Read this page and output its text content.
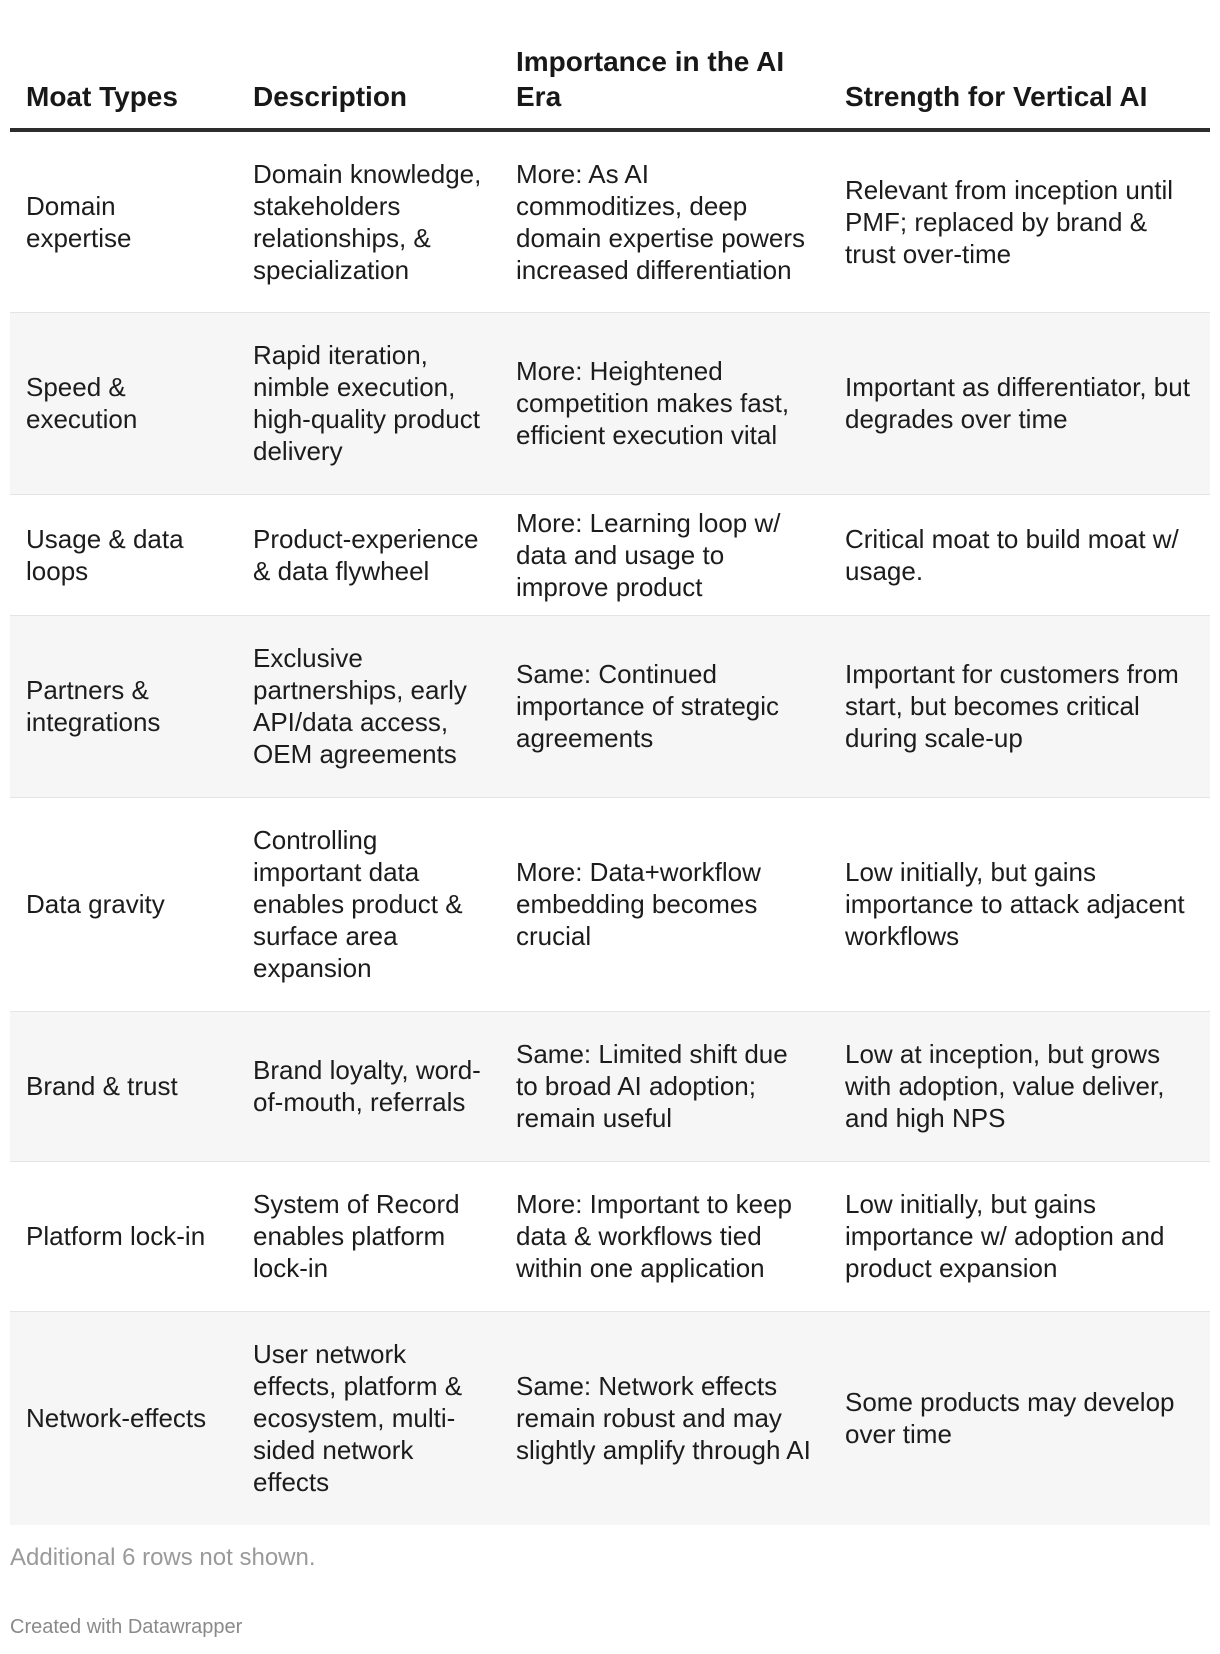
Moat Types	Description	Importance in the AI Era	Strength for Vertical AI
Domain expertise	Domain knowledge, stakeholders relationships, & specialization	More: As AI commoditizes, deep domain expertise powers increased differentiation	Relevant from inception until PMF; replaced by brand & trust over-time
Speed & execution	Rapid iteration, nimble execution, high-quality product delivery	More: Heightened competition makes fast, efficient execution vital	Important as differentiator, but degrades over time
Usage & data loops	Product-experience & data flywheel	More: Learning loop w/ data and usage to improve product	Critical moat to build moat w/ usage.
Partners & integrations	Exclusive partnerships, early API/data access, OEM agreements	Same: Continued importance of strategic agreements	Important for customers from start, but becomes critical during scale-up
Data gravity	Controlling important data enables product & surface area expansion	More: Data+workflow embedding becomes crucial	Low initially, but gains importance to attack adjacent workflows
Brand & trust	Brand loyalty, word-of-mouth, referrals	Same: Limited shift due to broad AI adoption; remain useful	Low at inception, but grows with adoption, value deliver, and high NPS
Platform lock-in	System of Record enables platform lock-in	More: Important to keep data & workflows tied within one application	Low initially, but gains importance w/ adoption and product expansion
Network-effects	User network effects, platform & ecosystem, multi-sided network effects	Same: Network effects remain robust and may slightly amplify through AI	Some products may develop over time
Additional 6 rows not shown.
Created with Datawrapper
